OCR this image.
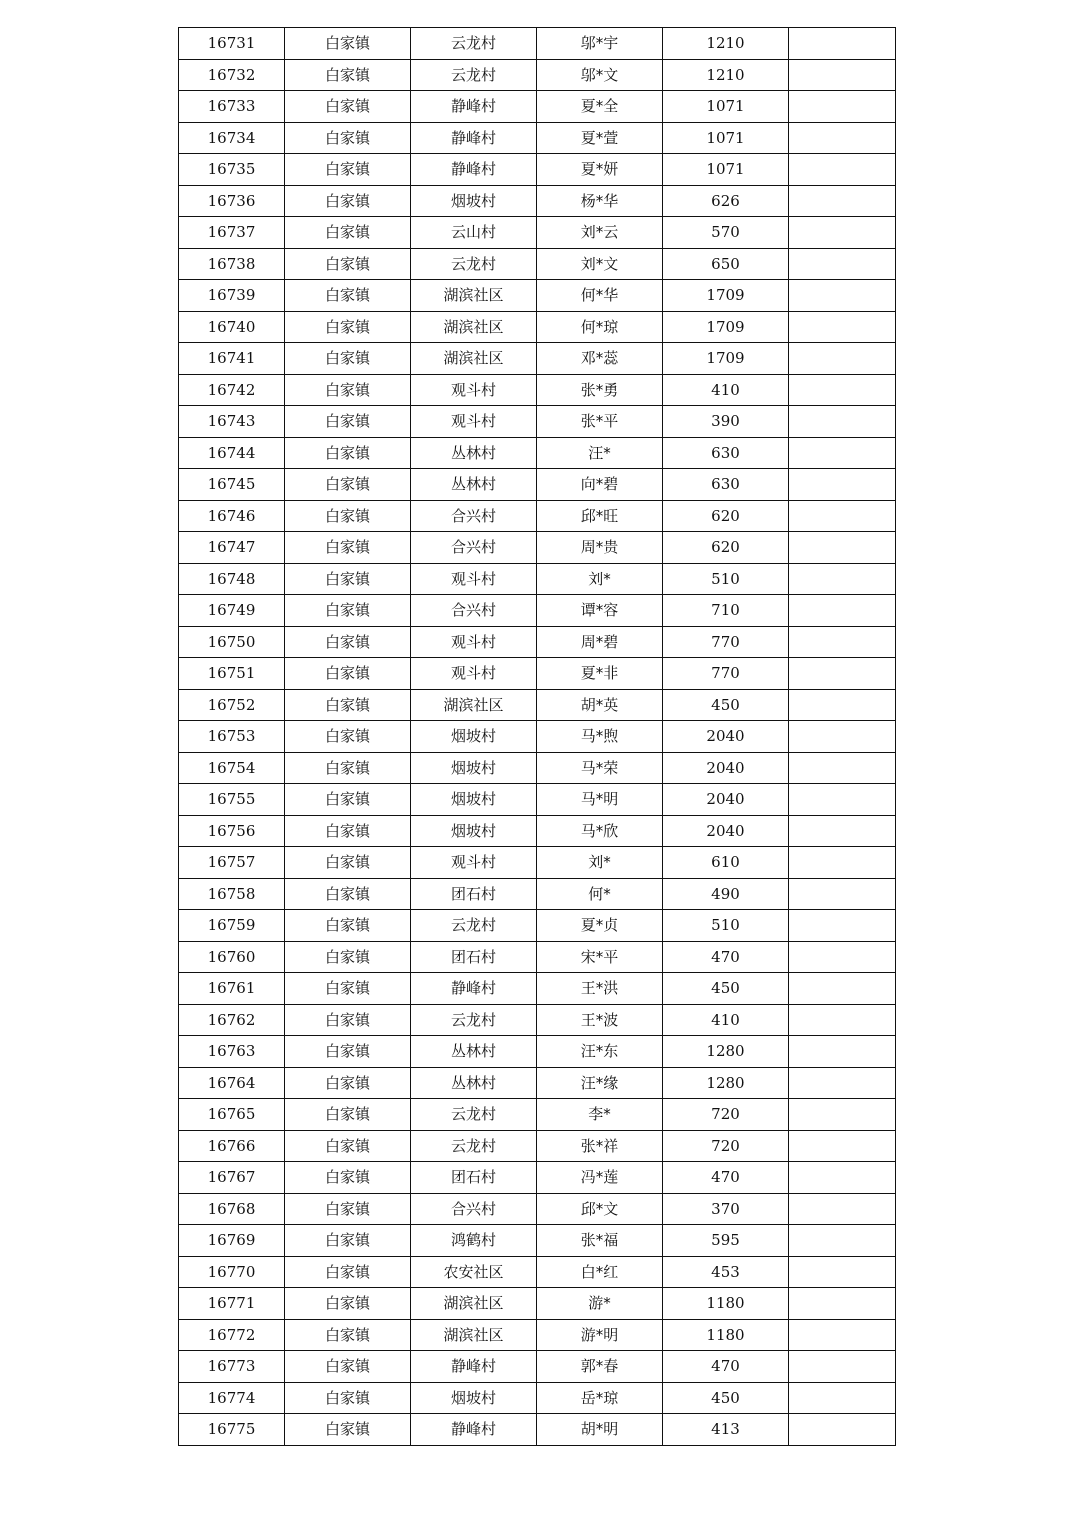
16731	白家镇	云龙村	邬*宇	1210	
16732	白家镇	云龙村	邬*文	1210	
16733	白家镇	静峰村	夏*全	1071	
16734	白家镇	静峰村	夏*萱	1071	
16735	白家镇	静峰村	夏*妍	1071	
16736	白家镇	烟坡村	杨*华	626	
16737	白家镇	云山村	刘*云	570	
16738	白家镇	云龙村	刘*文	650	
16739	白家镇	湖滨社区	何*华	1709	
16740	白家镇	湖滨社区	何*琼	1709	
16741	白家镇	湖滨社区	邓*蕊	1709	
16742	白家镇	观斗村	张*勇	410	
16743	白家镇	观斗村	张*平	390	
16744	白家镇	丛林村	汪*	630	
16745	白家镇	丛林村	向*碧	630	
16746	白家镇	合兴村	邱*旺	620	
16747	白家镇	合兴村	周*贵	620	
16748	白家镇	观斗村	刘*	510	
16749	白家镇	合兴村	谭*容	710	
16750	白家镇	观斗村	周*碧	770	
16751	白家镇	观斗村	夏*非	770	
16752	白家镇	湖滨社区	胡*英	450	
16753	白家镇	烟坡村	马*煦	2040	
16754	白家镇	烟坡村	马*荣	2040	
16755	白家镇	烟坡村	马*明	2040	
16756	白家镇	烟坡村	马*欣	2040	
16757	白家镇	观斗村	刘*	610	
16758	白家镇	团石村	何*	490	
16759	白家镇	云龙村	夏*贞	510	
16760	白家镇	团石村	宋*平	470	
16761	白家镇	静峰村	王*洪	450	
16762	白家镇	云龙村	王*波	410	
16763	白家镇	丛林村	汪*东	1280	
16764	白家镇	丛林村	汪*缘	1280	
16765	白家镇	云龙村	李*	720	
16766	白家镇	云龙村	张*祥	720	
16767	白家镇	团石村	冯*莲	470	
16768	白家镇	合兴村	邱*文	370	
16769	白家镇	鸿鹤村	张*福	595	
16770	白家镇	农安社区	白*红	453	
16771	白家镇	湖滨社区	游*	1180	
16772	白家镇	湖滨社区	游*明	1180	
16773	白家镇	静峰村	郭*春	470	
16774	白家镇	烟坡村	岳*琼	450	
16775	白家镇	静峰村	胡*明	413	
